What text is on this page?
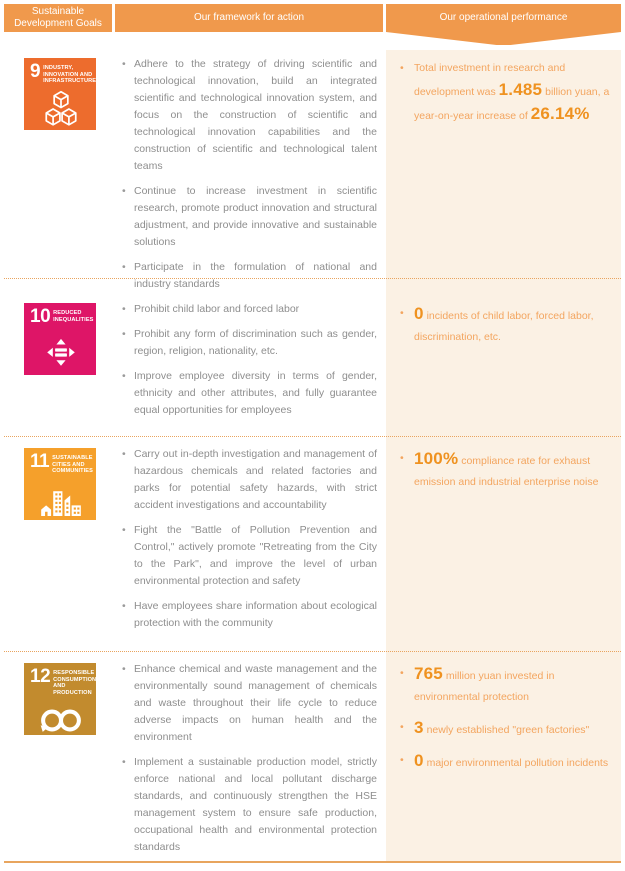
Sustainable Development Goals
Our framework for action	Our operational performance
9 INDUSTRY, INNOVATION AND INFRASTRUCTURE
• Adhere to the strategy of driving scientific and technological innovation, build an integrated scientific and technological innovation system, and focus on the construction of scientific and technological innovation capabilities and the construction of scientific and technological talent teams
• Continue to increase investment in scientific research, promote product innovation and structural adjustment, and provide innovative and sustainable solutions
• Participate in the formulation of national and industry standards
• Total investment in research and development was 1.485 billion yuan, a year-on-year increase of 26.14%
10 REDUCED INEQUALITIES
• Prohibit child labor and forced labor
• Prohibit any form of discrimination such as gender, region, religion, nationality, etc.
• Improve employee diversity in terms of gender, ethnicity and other attributes, and fully guarantee equal opportunities for employees
• 0 incidents of child labor, forced labor, discrimination, etc.
11 SUSTAINABLE CITIES AND COMMUNITIES
• Carry out in-depth investigation and management of hazardous chemicals and related factories and parks for potential safety hazards, with strict accident investigations and accountability
• Fight the "Battle of Pollution Prevention and Control," actively promote "Retreating from the City to the Park", and improve the level of urban environmental protection and safety
• Have employees share information about ecological protection with the community
• 100% compliance rate for exhaust emission and industrial enterprise noise
12 RESPONSIBLE CONSUMPTION AND PRODUCTION
• Enhance chemical and waste management and the environmentally sound management of chemicals and waste throughout their life cycle to reduce adverse impacts on human health and the environment
• Implement a sustainable production model, strictly enforce national and local pollutant discharge standards, and continuously strengthen the HSE management system to ensure safe production, occupational health and environmental protection standards
• 765 million yuan invested in environmental protection
• 3 newly established "green factories"
• 0 major environmental pollution incidents
